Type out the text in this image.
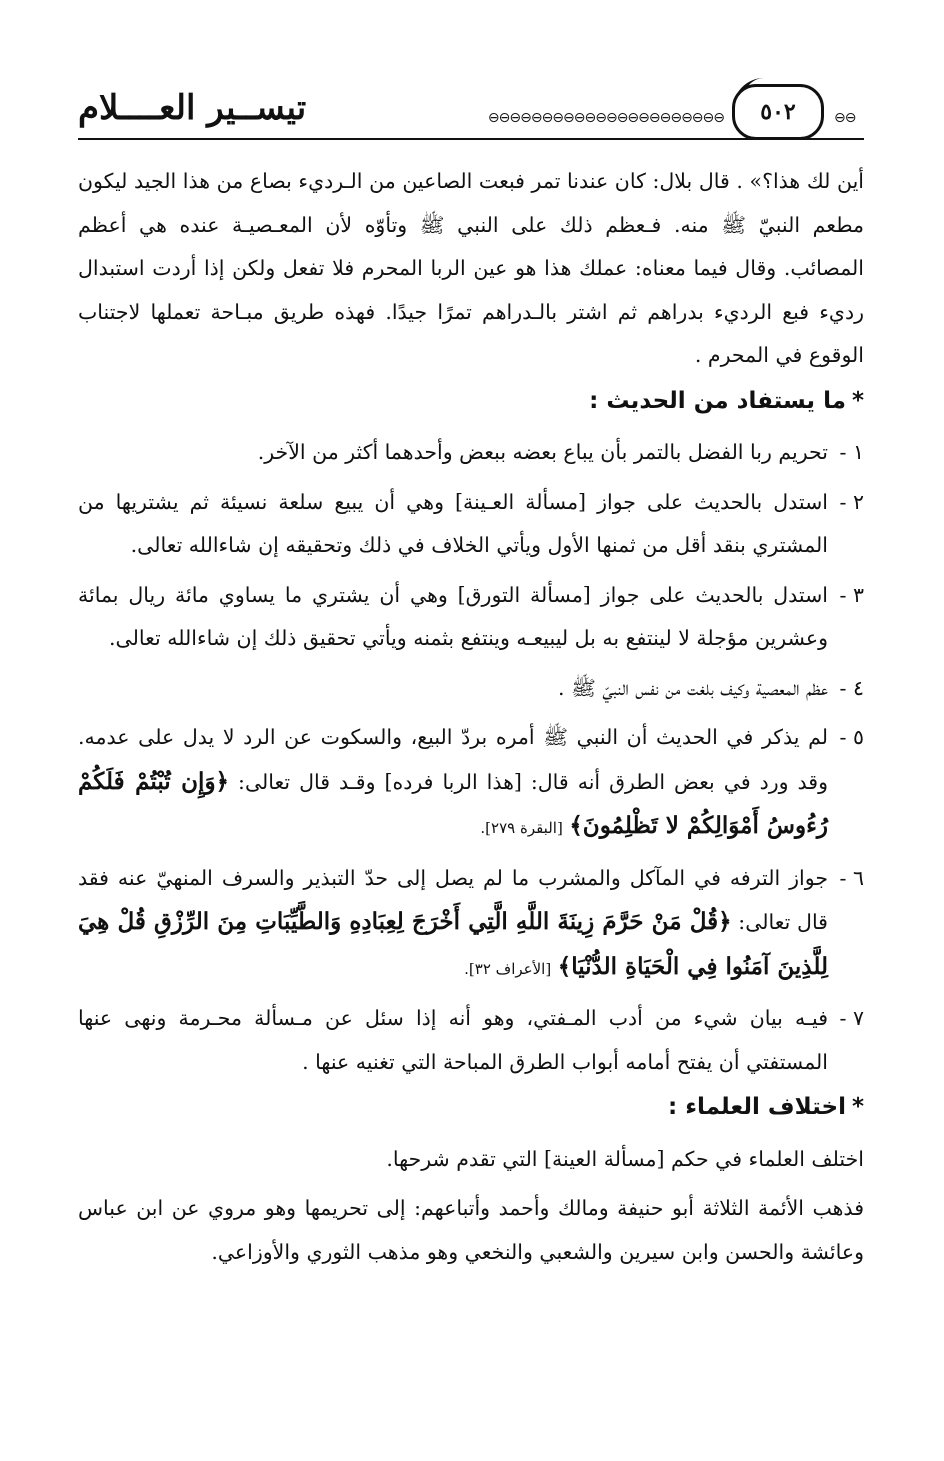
⊖⊖
٥٠٢
⊖⊖⊖⊖⊖⊖⊖⊖⊖⊖⊖⊖⊖⊖⊖⊖⊖⊖⊖⊖⊖⊖
تيســير العــــلام

أين لك هذا؟» . قال بلال: كان عندنا تمر فبعت الصاعين من الـرديء بصاع من هذا الجيد ليكون مطعم النبيّ ﷺ منه. فـعظم ذلك على النبي ﷺ وتأوّه لأن المعـصيـة عنده هي أعظم المصائب. وقال فيما معناه: عملك هذا هو عين الربا المحرم فلا تفعل ولكن إذا أردت استبدال رديء فبع الرديء بدراهم ثم اشتر بالـدراهم تمرًا جيدًا. فهذه طريق مبـاحة تعملها لاجتناب الوقوع في المحرم .

*ما يستفاد من الحديث :
١ -
تحريم ربا الفضل بالتمر بأن يباع بعضه ببعض وأحدهما أكثر من الآخر.
٢ -
استدل بالحديث على جواز [مسألة العـينة] وهي أن يبيع سلعة نسيئة ثم يشتريها من المشتري بنقد أقل من ثمنها الأول ويأتي الخلاف في ذلك وتحقيقه إن شاءالله تعالى.
٣ -
استدل بالحديث على جواز [مسألة التورق] وهي أن يشتري ما يساوي مائة ريال بمائة وعشرين مؤجلة لا لينتفع به بل ليبيعـه وينتفع بثمنه ويأتي تحقيق ذلك إن شاءالله تعالى.
٤ -
عظم المعصية وكيف بلغت من نفس النبيّ ﷺ .
٥ -
لم يذكر في الحديث أن النبي ﷺ أمره بردّ البيع، والسكوت عن الرد لا يدل على عدمه. وقد ورد في بعض الطرق أنه قال: [هذا الربا فرده] وقـد قال تعالى: ﴿وَإِن تُبْتُمْ فَلَكُمْ رُءُوسُ أَمْوَالِكُمْ لا تَظْلِمُونَ﴾ [البقرة ٢٧٩].
٦ -
جواز الترفه في المآكل والمشرب ما لم يصل إلى حدّ التبذير والسرف المنهيّ عنه فقد قال تعالى: ﴿قُلْ مَنْ حَرَّمَ زِينَةَ اللَّهِ الَّتِي أَخْرَجَ لِعِبَادِهِ وَالطَّيِّبَاتِ مِنَ الرِّزْقِ قُلْ هِيَ لِلَّذِينَ آمَنُوا فِي الْحَيَاةِ الدُّنْيَا﴾ [الأعراف ٣٢].
٧ -
فيـه بيان شيء من أدب المـفتي، وهو أنه إذا سئل عن مـسألة محـرمة ونهى عنها المستفتي أن يفتح أمامه أبواب الطرق المباحة التي تغنيه عنها .
*اختلاف العلماء :

اختلف العلماء في حكم [مسألة العينة] التي تقدم شرحها.

فذهب الأئمة الثلاثة أبو حنيفة ومالك وأحمد وأتباعهم: إلى تحريمها وهو مروي عن ابن عباس وعائشة والحسن وابن سيرين والشعبي والنخعي وهو مذهب الثوري والأوزاعي.
